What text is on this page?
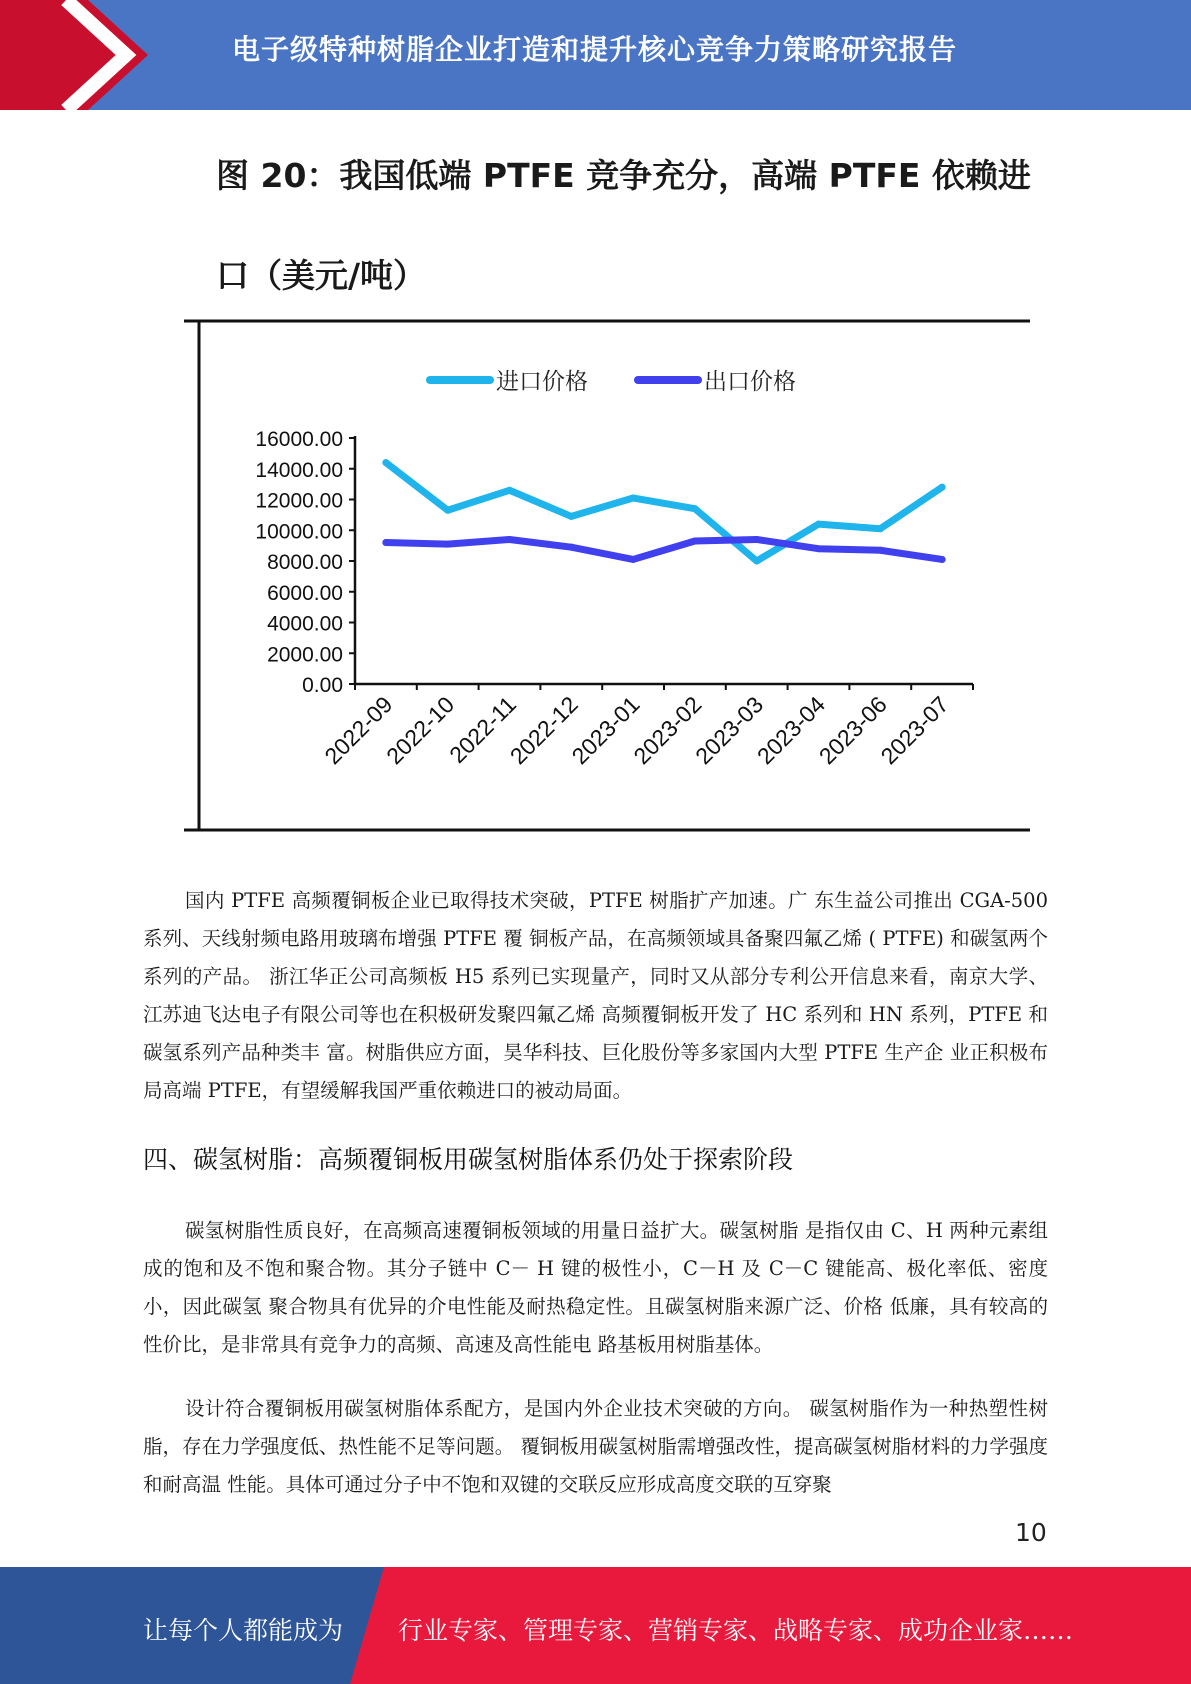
电子级特种树脂企业打造和提升核心竞争力策略研究报告
图 20：我国低端 PTFE 竞争充分，高端 PTFE 依赖进
口（美元/吨）
进口价格	出口价格
0.00
2000.00
4000.00
6000.00
8000.00
10000.00
12000.00
14000.00
16000.00
2022-09
2022-10
2022-11
2022-12
2023-01
2023-02
2023-03
2023-04
2023-06
2023-07
国内 PTFE 高频覆铜板企业已取得技术突破，PTFE 树脂扩产加速。广 东生益公司推出 CGA-500 系列、天线射频电路用玻璃布增强 PTFE 覆 铜板产品，在高频领域具备聚四氟乙烯 ( PTFE) 和碳氢两个系列的产品。 浙江华正公司高频板 H5 系列已实现量产，同时又从部分专利公开信息来看，南京大学、江苏迪飞达电子有限公司等也在积极研发聚四氟乙烯 高频覆铜板开发了 HC 系列和 HN 系列，PTFE 和碳氢系列产品种类丰 富。树脂供应方面，昊华科技、巨化股份等多家国内大型 PTFE 生产企 业正积极布局高端 PTFE，有望缓解我国严重依赖进口的被动局面。
四、碳氢树脂：高频覆铜板用碳氢树脂体系仍处于探索阶段
碳氢树脂性质良好，在高频高速覆铜板领域的用量日益扩大。碳氢树脂 是指仅由 C、H 两种元素组成的饱和及不饱和聚合物。其分子链中 C－ H 键的极性小，C－H 及 C－C 键能高、极化率低、密度小，因此碳氢 聚合物具有优异的介电性能及耐热稳定性。且碳氢树脂来源广泛、价格 低廉，具有较高的性价比，是非常具有竞争力的高频、高速及高性能电 路基板用树脂基体。
设计符合覆铜板用碳氢树脂体系配方，是国内外企业技术突破的方向。 碳氢树脂作为一种热塑性树脂，存在力学强度低、热性能不足等问题。 覆铜板用碳氢树脂需增强改性，提高碳氢树脂材料的力学强度和耐高温 性能。具体可通过分子中不饱和双键的交联反应形成高度交联的互穿聚
10
让每个人都能成为 行业专家、管理专家、营销专家、战略专家、成功企业家……
